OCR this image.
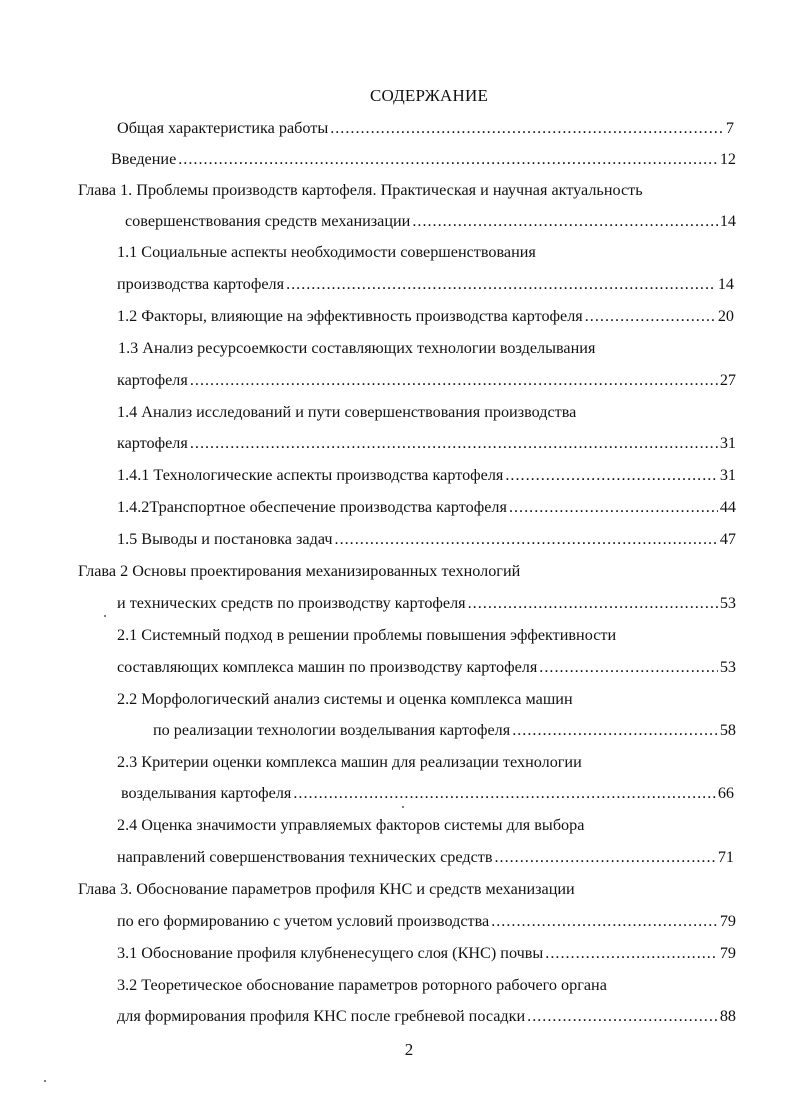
СОДЕРЖАНИЕ
Общая характеристика работы .....	7
Введение .....	12
Глава 1. Проблемы производств картофеля. Практическая и научная актуальность
совершенствования средств механизации .....	14
1.1 Социальные аспекты необходимости совершенствования
производства картофеля .....	14
1.2 Факторы, влияющие на эффективность производства картофеля .....	20
1.3 Анализ ресурсоемкости составляющих технологии возделывания
картофеля .....	27
1.4 Анализ исследований и пути совершенствования производства
картофеля .....	31
1.4.1 Технологические аспекты производства картофеля .....	31
1.4.2Транспортное обеспечение производства картофеля .....	44
1.5 Выводы и постановка задач .....	47
Глава 2 Основы проектирования механизированных технологий
и технических средств по производству картофеля .....	53
2.1 Системный подход в решении проблемы повышения эффективности
составляющих комплекса машин по производству картофеля .....	53
2.2 Морфологический анализ системы и оценка комплекса машин
по реализации технологии возделывания картофеля .....	58
2.3 Критерии оценки комплекса машин для реализации технологии
возделывания картофеля .....	66
2.4 Оценка значимости управляемых факторов системы для выбора
направлений совершенствования технических средств .....	71
Глава 3. Обоснование параметров профиля КНС и средств механизации
по его формированию с учетом условий производства .....	79
3.1 Обоснование профиля клубненесущего слоя (КНС) почвы .....	79
3.2 Теоретическое обоснование параметров роторного рабочего органа
для формирования профиля КНС после гребневой посадки .....	88
2
